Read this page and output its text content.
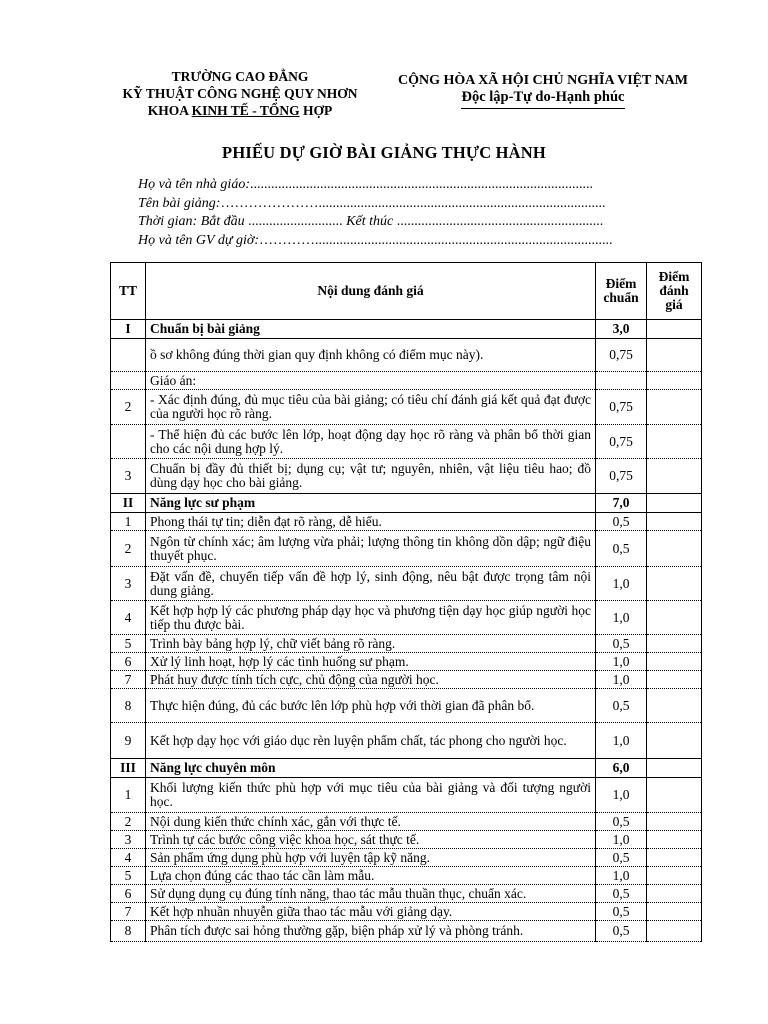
TRƯỜNG CAO ĐẲNG
KỸ THUẬT CÔNG NGHỆ QUY NHƠN
KHOA KINH TẾ - TỔNG HỢP
CỘNG HÒA XÃ HỘI CHỦ NGHĨA VIỆT NAM
Độc lập-Tự do-Hạnh phúc
PHIẾU DỰ GIỜ BÀI GIẢNG THỰC HÀNH
Họ và tên nhà giáo:..................................................................................................
Tên bài giảng:…………………..................................................................................
Thời gian: Bắt đầu ........................... Kết thúc ...........................................................
Họ và tên GV dự giờ:………….....................................................................................
TT	Nội dung đánh giá	Điểm chuẩn	Điểm đánh giá
I	Chuẩn bị bài giảng	3,0	
	ồ sơ không đúng thời gian quy định không có điểm mục này).	0,75	
	Giáo án:		
2	- Xác định đúng, đủ mục tiêu của bài giảng; có tiêu chí đánh giá kết quả đạt được của người học rõ ràng.	0,75	
	- Thể hiện đủ các bước lên lớp, hoạt động dạy học rõ ràng và phân bổ thời gian cho các nội dung hợp lý.	0,75	
3	Chuẩn bị đầy đủ thiết bị; dụng cụ; vật tư; nguyên, nhiên, vật liệu tiêu hao; đồ dùng dạy học cho bài giảng.	0,75	
II	Năng lực sư phạm	7,0	
1	Phong thái tự tin; diễn đạt rõ ràng, dễ hiểu.	0,5	
2	Ngôn từ chính xác; âm lượng vừa phải; lượng thông tin không dồn dập; ngữ điệu thuyết phục.	0,5	
3	Đặt vấn đề, chuyển tiếp vấn đề hợp lý, sinh động, nêu bật được trọng tâm nội dung giảng.	1,0	
4	Kết hợp hợp lý các phương pháp dạy học và phương tiện dạy học giúp người học tiếp thu được bài.	1,0	
5	Trình bày bảng hợp lý, chữ viết bảng rõ ràng.	0,5	
6	Xử lý linh hoạt, hợp lý các tình huống sư phạm.	1,0	
7	Phát huy được tính tích cực, chủ động của người học.	1,0	
8	Thực hiện đúng, đủ các bước lên lớp phù hợp với thời gian đã phân bổ.	0,5	
9	Kết hợp dạy học với giáo dục rèn luyện phẩm chất, tác phong cho người học.	1,0	
III	Năng lực chuyên môn	6,0	
1	Khối lượng kiến thức phù hợp với mục tiêu của bài giảng và đối tượng người học.	1,0	
2	Nội dung kiến thức chính xác, gắn với thực tế.	0,5	
3	Trình tự các bước công việc khoa học, sát thực tế.	1,0	
4	Sản phẩm ứng dụng phù hợp với luyện tập kỹ năng.	0,5	
5	Lựa chọn đúng các thao tác cần làm mẫu.	1,0	
6	Sử dụng dụng cụ đúng tính năng, thao tác mẫu thuần thục, chuẩn xác.	0,5	
7	Kết hợp nhuần nhuyễn giữa thao tác mẫu với giảng dạy.	0,5	
8	Phân tích được sai hỏng thường gặp, biện pháp xử lý và phòng tránh.	0,5	
